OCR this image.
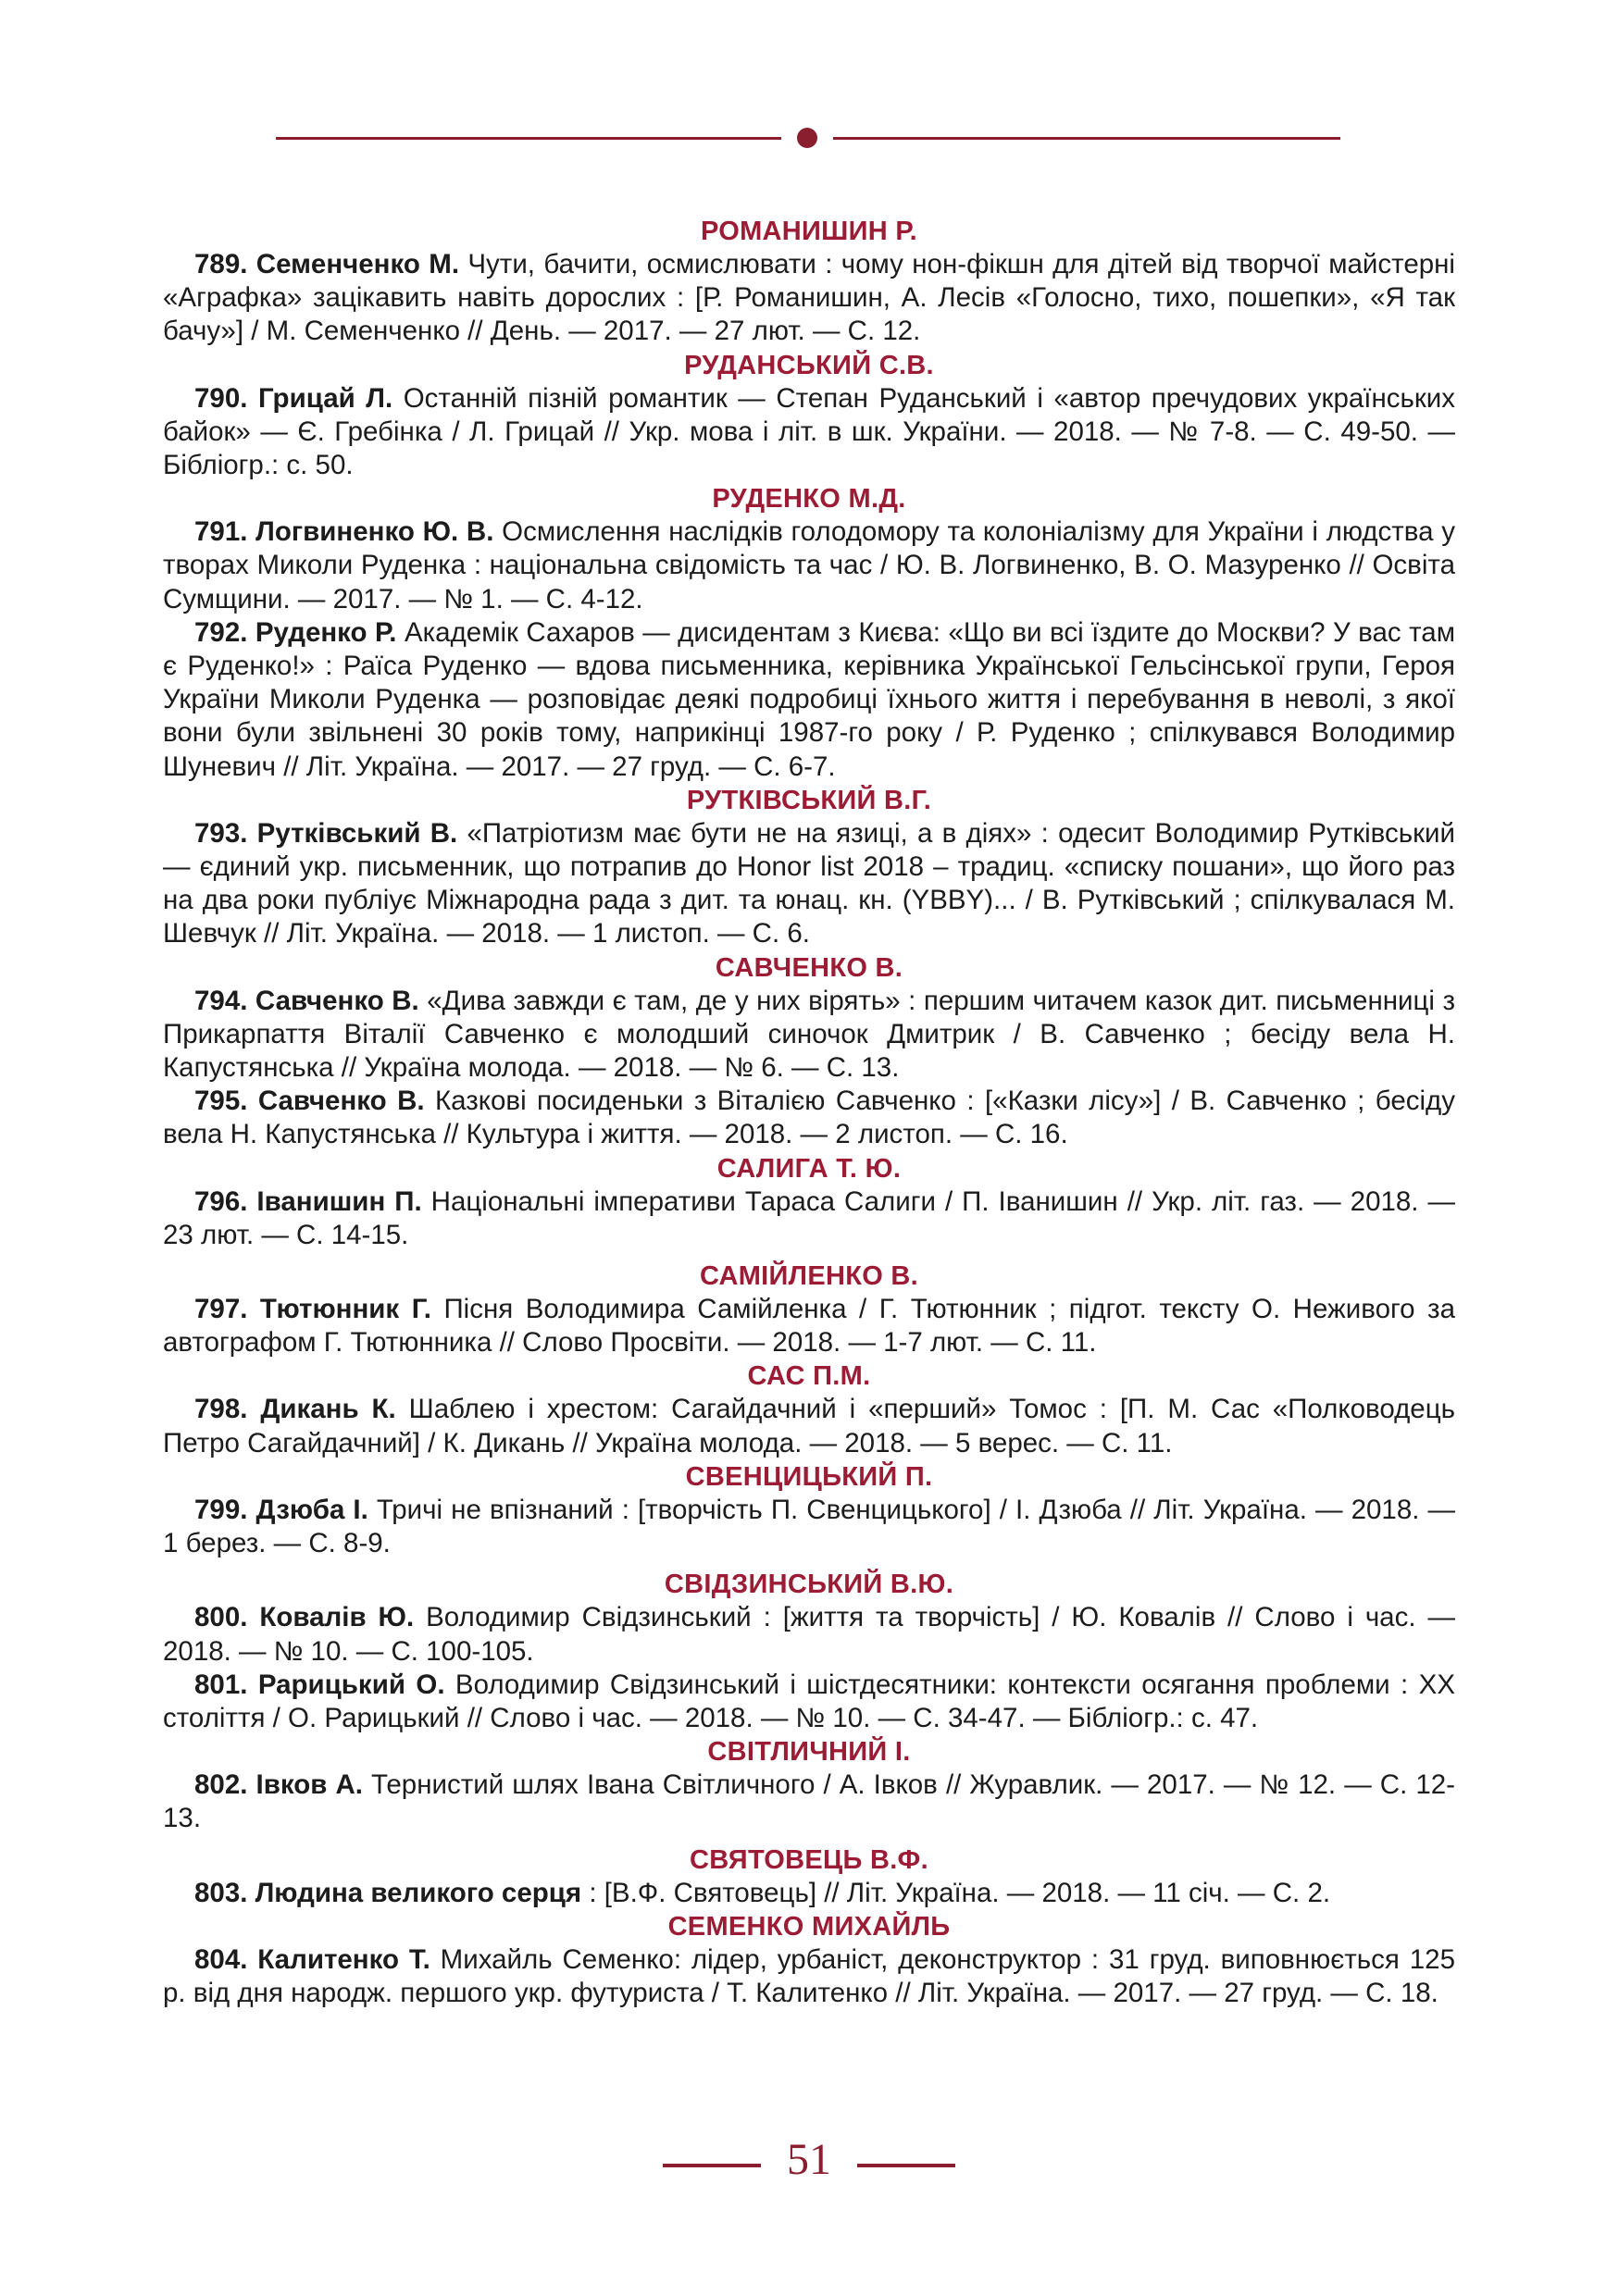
РОМАНИШИН Р.
789. Семенченко М. Чути, бачити, осмислювати : чому нон-фікшн для дітей від творчої майстерні «Аграфка» зацікавить навіть дорослих : [Р. Романишин, А. Лесів «Голосно, тихо, пошепки», «Я так бачу»] / М. Семенченко // День. — 2017. — 27 лют. — С. 12.
РУДАНСЬКИЙ С.В.
790. Грицай Л. Останній пізній романтик — Степан Руданський і «автор пречудових українських байок» — Є. Гребінка / Л. Грицай // Укр. мова і літ. в шк. України. — 2018. — № 7-8. — С. 49-50. — Бібліогр.: с. 50.
РУДЕНКО М.Д.
791. Логвиненко Ю. В. Осмислення наслідків голодомору та колоніалізму для України і людства у творах Миколи Руденка : національна свідомість та час / Ю. В. Логвиненко, В. О. Мазуренко // Освіта Сумщини. — 2017. — № 1. — С. 4-12.
792. Руденко Р. Академік Сахаров — дисидентам з Києва: «Що ви всі їздите до Москви? У вас там є Руденко!» : Раїса Руденко — вдова письменника, керівника Української Гельсінської групи, Героя України Миколи Руденка — розповідає деякі подробиці їхнього життя і перебування в неволі, з якої вони були звільнені 30 років тому, наприкінці 1987-го року / Р. Руденко ; спілкувався Володимир Шуневич // Літ. Україна. — 2017. — 27 груд. — С. 6-7.
РУТКІВСЬКИЙ В.Г.
793. Рутківський В. «Патріотизм має бути не на язиці, а в діях» : одесит Володимир Рутківський — єдиний укр. письменник, що потрапив до Honor list 2018 – традиц. «списку пошани», що його раз на два роки публіує Міжнародна рада з дит. та юнац. кн. (YBBY)... / В. Рутківський ; спілкувалася М. Шевчук // Літ. Україна. — 2018. — 1 листоп. — С. 6.
САВЧЕНКО В.
794. Савченко В. «Дива завжди є там, де у них вірять» : першим читачем казок дит. письменниці з Прикарпаття Віталії Савченко є молодший синочок Дмитрик / В. Савченко ; бесіду вела Н. Капустянська // Україна молода. — 2018. — № 6. — С. 13.
795. Савченко В. Казкові посиденьки з Віталією Савченко : [«Казки лісу»] / В. Савченко ; бесіду вела Н. Капустянська // Культура і життя. — 2018. — 2 листоп. — С. 16.
САЛИГА Т. Ю.
796. Іванишин П. Національні імперативи Тараса Салиги / П. Іванишин // Укр. літ. газ. — 2018. — 23 лют. — С. 14-15.
САМІЙЛЕНКО В.
797. Тютюнник Г. Пісня Володимира Самійленка / Г. Тютюнник ; підгот. тексту О. Неживого за автографом Г. Тютюнника // Слово Просвіти. — 2018. — 1-7 лют. — С. 11.
САС П.М.
798. Дикань К. Шаблею і хрестом: Сагайдачний і «перший» Томос : [П. М. Сас «Полководець Петро Сагайдачний] / К. Дикань // Україна молода. — 2018. — 5 верес. — С. 11.
СВЕНЦИЦЬКИЙ П.
799. Дзюба І. Тричі не впізнаний : [творчість П. Свенцицького] / І. Дзюба // Літ. Україна. — 2018. — 1 берез. — С. 8-9.
СВІДЗИНСЬКИЙ В.Ю.
800. Ковалів Ю. Володимир Свідзинський : [життя та творчість] / Ю. Ковалів // Слово і час. — 2018. — № 10. — С. 100-105.
801. Рарицький О. Володимир Свідзинський і шістдесятники: контексти осягання проблеми : XX століття / О. Рарицький // Слово і час. — 2018. — № 10. — С. 34-47. — Бібліогр.: с. 47.
СВІТЛИЧНИЙ І.
802. Івков А. Тернистий шлях Івана Світличного / А. Івков // Журавлик. — 2017. — № 12. — С. 12-13.
СВЯТОВЕЦЬ В.Ф.
803. Людина великого серця : [В.Ф. Святовець] // Літ. Україна. — 2018. — 11 січ. — С. 2.
СЕМЕНКО МИХАЙЛЬ
804. Калитенко Т. Михайль Семенко: лідер, урбаніст, деконструктор : 31 груд. виповнюється 125 р. від дня народж. першого укр. футуриста / Т. Калитенко // Літ. Україна. — 2017. — 27 груд. — С. 18.
51
